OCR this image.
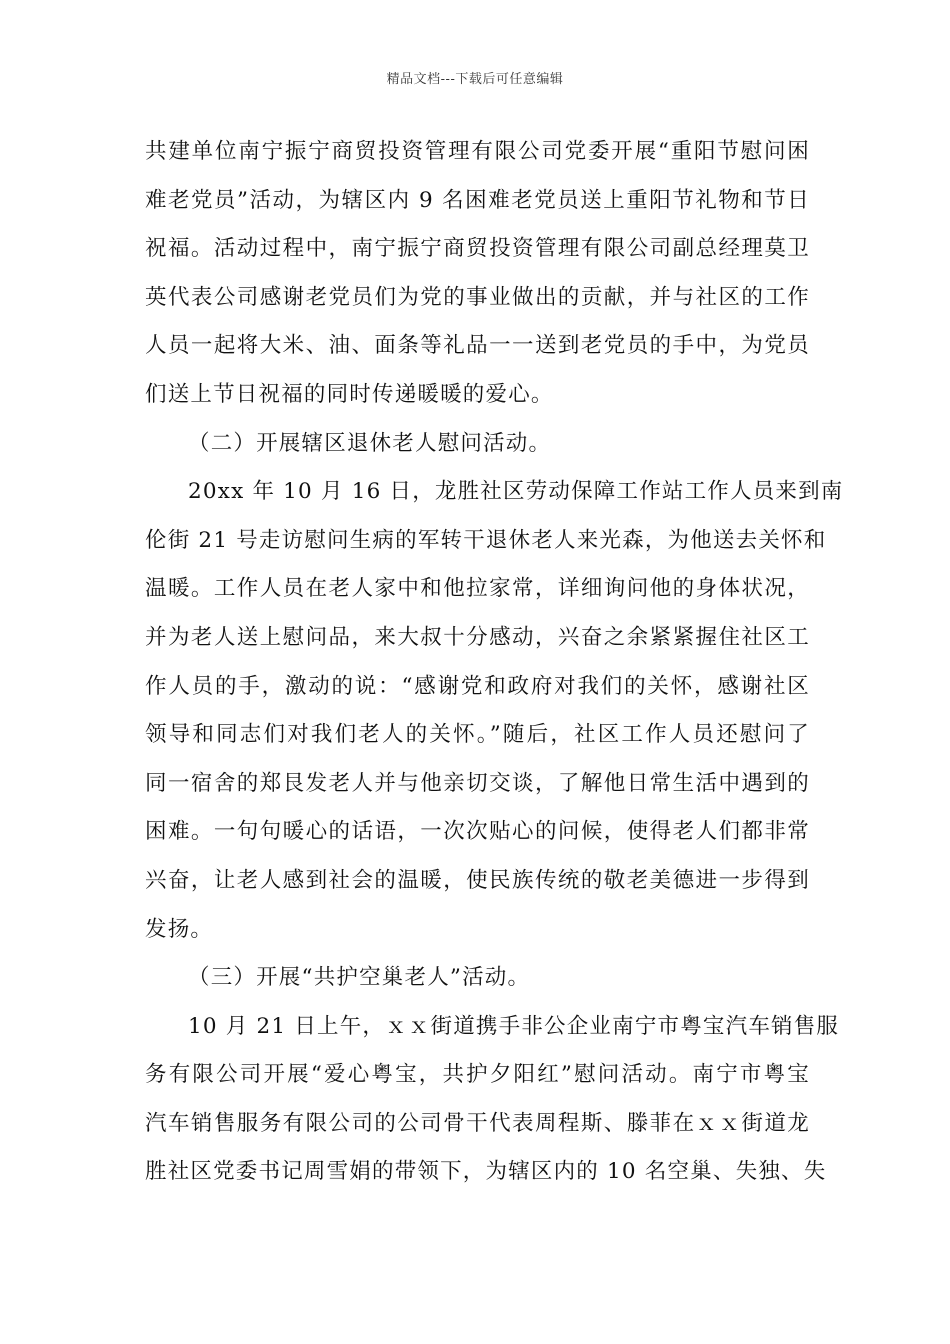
精品文档---下载后可任意编辑
共建单位南宁振宁商贸投资管理有限公司党委开展“重阳节慰问困
难老党员”活动，为辖区内 9 名困难老党员送上重阳节礼物和节日
祝福。活动过程中，南宁振宁商贸投资管理有限公司副总经理莫卫
英代表公司感谢老党员们为党的事业做出的贡献，并与社区的工作
人员一起将大米、油、面条等礼品一一送到老党员的手中，为党员
们送上节日祝福的同时传递暖暖的爱心。
（二）开展辖区退休老人慰问活动。
20xx 年 10 月 16 日，龙胜社区劳动保障工作站工作人员来到南
伦街 21 号走访慰问生病的军转干退休老人来光森，为他送去关怀和
温暖。工作人员在老人家中和他拉家常，详细询问他的身体状况，
并为老人送上慰问品，来大叔十分感动，兴奋之余紧紧握住社区工
作人员的手，激动的说：“感谢党和政府对我们的关怀，感谢社区
领导和同志们对我们老人的关怀。”随后，社区工作人员还慰问了
同一宿舍的郑艮发老人并与他亲切交谈，了解他日常生活中遇到的
困难。一句句暖心的话语，一次次贴心的问候，使得老人们都非常
兴奋，让老人感到社会的温暖，使民族传统的敬老美德进一步得到
发扬。
（三）开展“共护空巢老人”活动。
10 月 21 日上午，ｘｘ街道携手非公企业南宁市粤宝汽车销售服
务有限公司开展“爱心粤宝，共护夕阳红”慰问活动。南宁市粤宝
汽车销售服务有限公司的公司骨干代表周程斯、滕菲在ｘｘ街道龙
胜社区党委书记周雪娟的带领下，为辖区内的 10 名空巢、失独、失
